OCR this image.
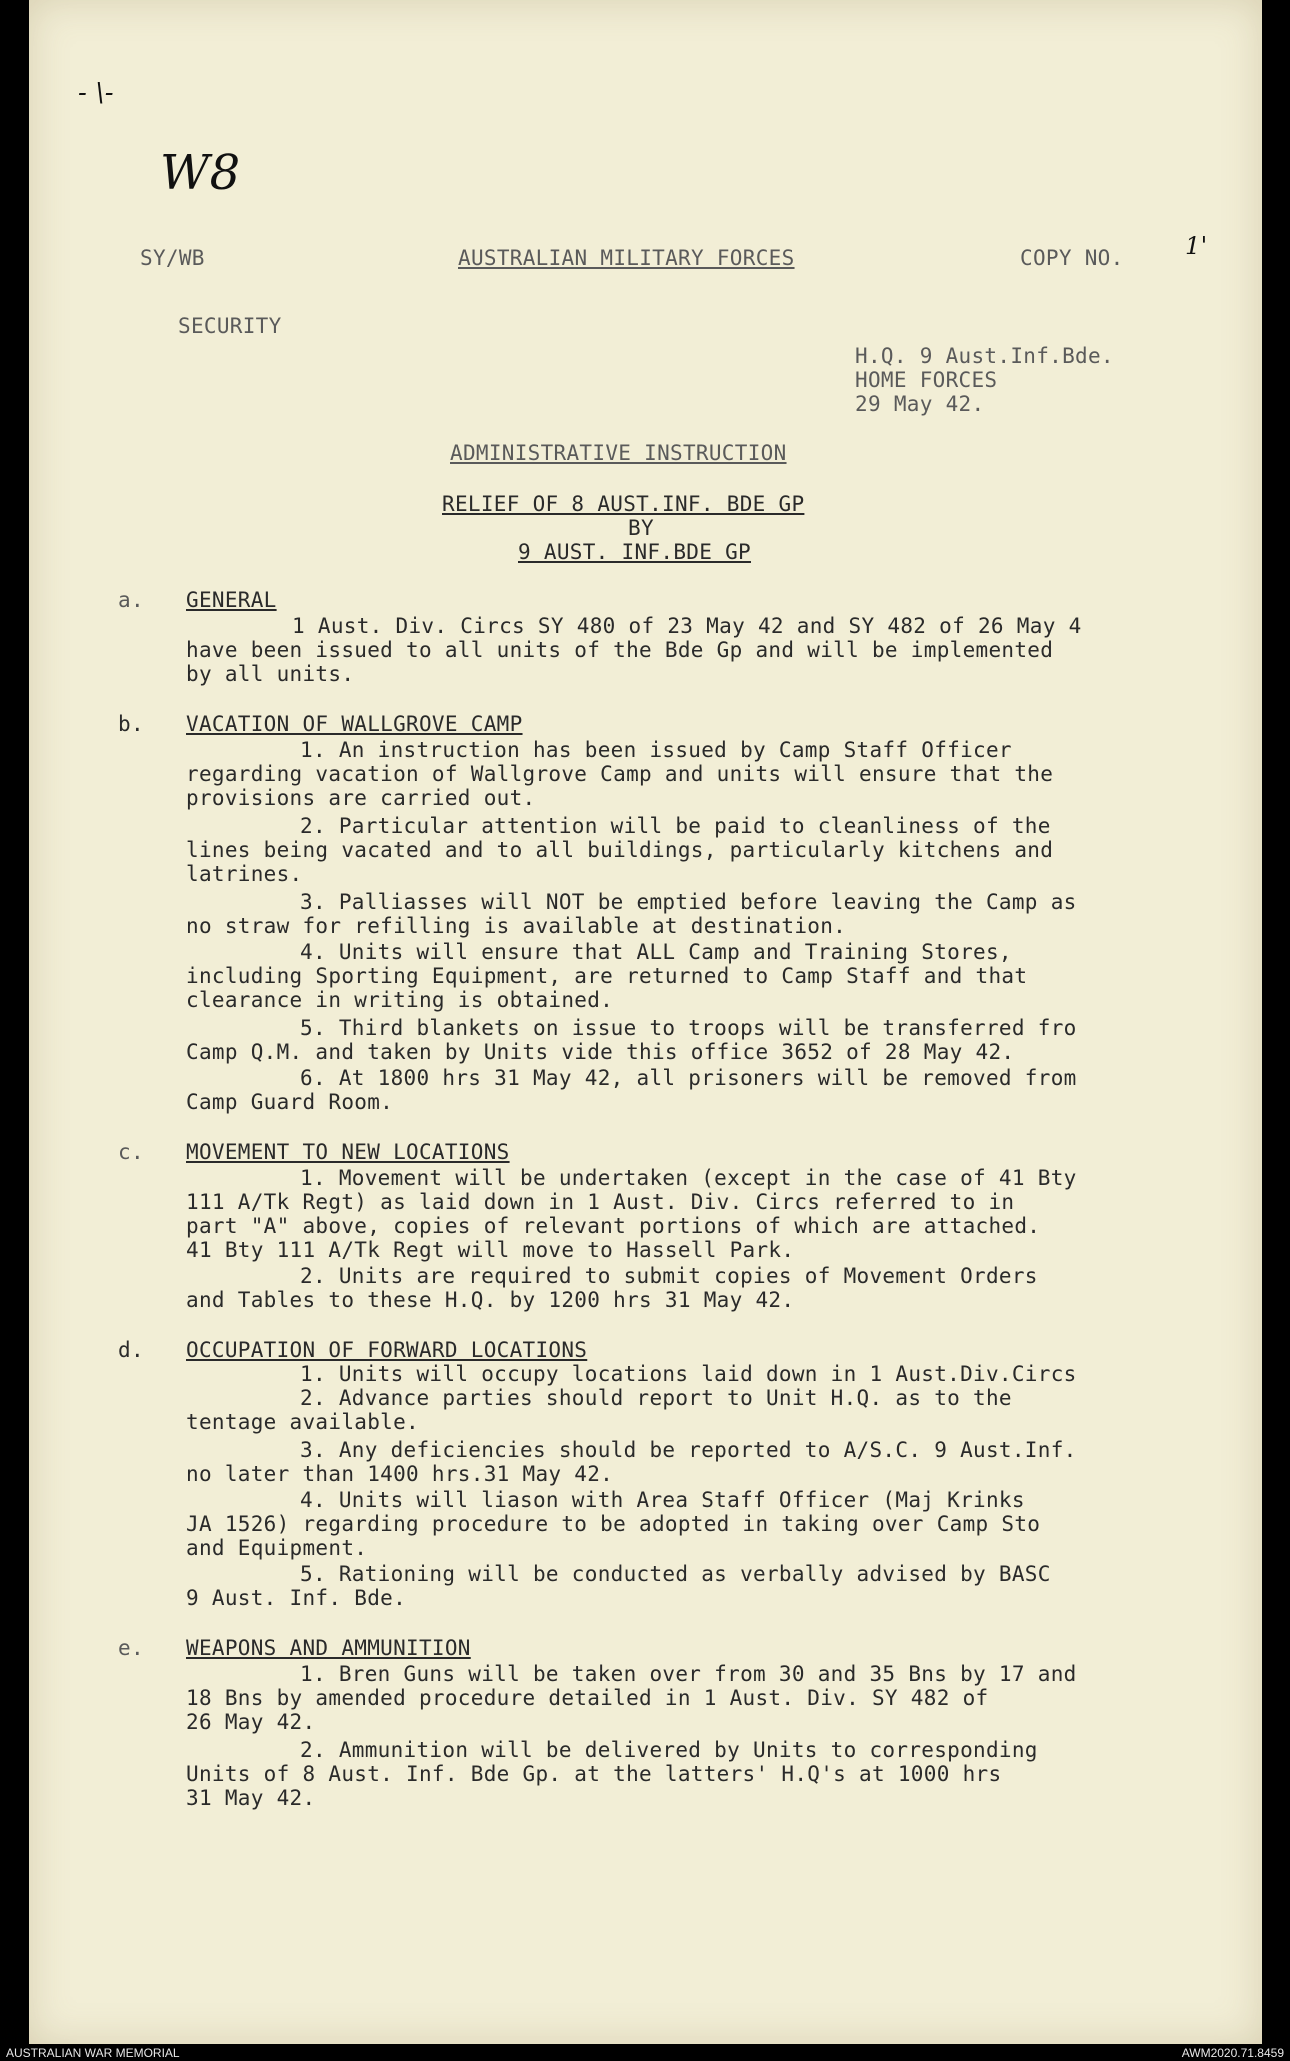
- \-
W8
1'
SY/WB	AUSTRALIAN MILITARY FORCES	COPY NO.
SECURITY
H.Q. 9 Aust.Inf.Bde.
HOME FORCES
29 May 42.
ADMINISTRATIVE INSTRUCTION
RELIEF OF 8 AUST.INF. BDE GP
BY
9 AUST. INF.BDE GP
a. GENERAL
1 Aust. Div. Circs SY 480 of 23 May 42 and SY 482 of 26 May 4
have been issued to all units of the Bde Gp and will be implemented
by all units.
b. VACATION OF WALLGROVE CAMP
1. An instruction has been issued by Camp Staff Officer
regarding vacation of Wallgrove Camp and units will ensure that the
provisions are carried out.
2. Particular attention will be paid to cleanliness of the
lines being vacated and to all buildings, particularly kitchens and
latrines.
3. Palliasses will NOT be emptied before leaving the Camp as
no straw for refilling is available at destination.
4. Units will ensure that ALL Camp and Training Stores,
including Sporting Equipment, are returned to Camp Staff and that
clearance in writing is obtained.
5. Third blankets on issue to troops will be transferred fro
Camp Q.M. and taken by Units vide this office 3652 of 28 May 42.
6. At 1800 hrs 31 May 42, all prisoners will be removed from
Camp Guard Room.
c. MOVEMENT TO NEW LOCATIONS
1. Movement will be undertaken (except in the case of 41 Bty
111 A/Tk Regt) as laid down in 1 Aust. Div. Circs referred to in
part "A" above, copies of relevant portions of which are attached.
41 Bty 111 A/Tk Regt will move to Hassell Park.
2. Units are required to submit copies of Movement Orders
and Tables to these H.Q. by 1200 hrs 31 May 42.
d. OCCUPATION OF FORWARD LOCATIONS
1. Units will occupy locations laid down in 1 Aust.Div.Circs
2. Advance parties should report to Unit H.Q. as to the
tentage available.
3. Any deficiencies should be reported to A/S.C. 9 Aust.Inf.
no later than 1400 hrs.31 May 42.
4. Units will liason with Area Staff Officer (Maj Krinks
JA 1526) regarding procedure to be adopted in taking over Camp Sto
and Equipment.
5. Rationing will be conducted as verbally advised by BASC
9 Aust. Inf. Bde.
e. WEAPONS AND AMMUNITION
1. Bren Guns will be taken over from 30 and 35 Bns by 17 and
18 Bns by amended procedure detailed in 1 Aust. Div. SY 482 of
26 May 42.
2. Ammunition will be delivered by Units to corresponding
Units of 8 Aust. Inf. Bde Gp. at the latters' H.Q's at 1000 hrs
31 May 42.
AUSTRALIAN WAR MEMORIAL	AWM2020.71.8459
